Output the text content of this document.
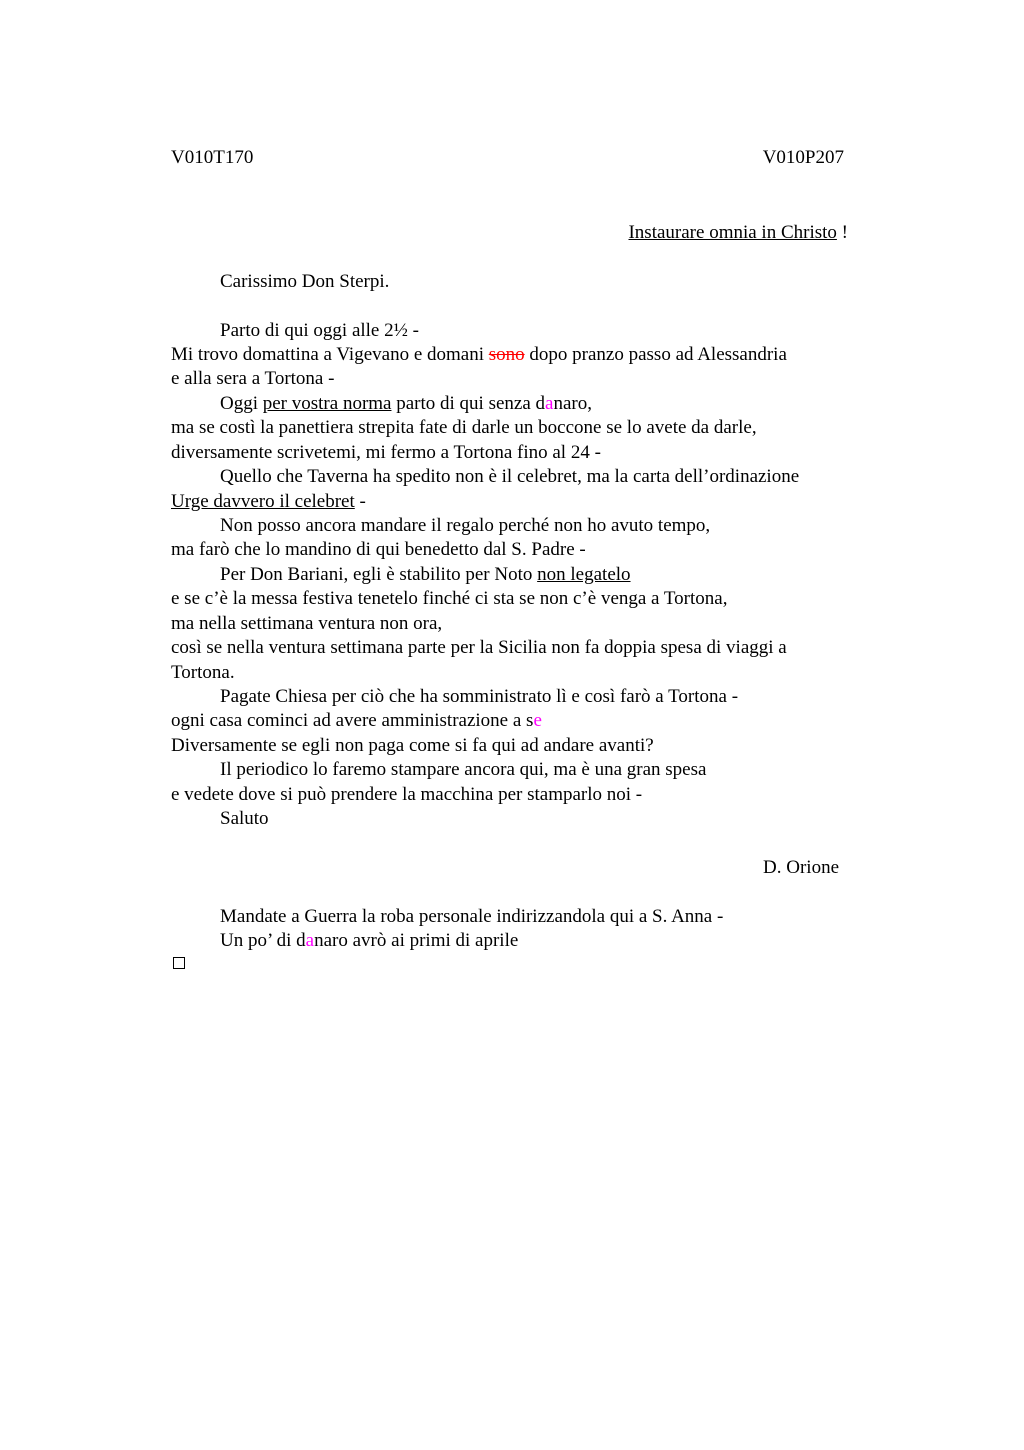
V010T170	V010P207
Instaurare omnia in Christo !
Carissimo Don Sterpi.
Parto di qui oggi alle 2½ -
Mi trovo domattina a Vigevano e domani sono dopo pranzo passo ad Alessandria
e alla sera a Tortona -
Oggi per vostra norma parto di qui senza danaro,
ma se costì la panettiera strepita fate di darle un boccone se lo avete da darle,
diversamente scrivetemi, mi fermo a Tortona fino al 24 -
Quello che Taverna ha spedito non è il celebret, ma la carta dell’ordinazione
Urge davvero il celebret -
Non posso ancora mandare il regalo perché non ho avuto tempo,
ma farò che lo mandino di qui benedetto dal S. Padre -
Per Don Bariani, egli è stabilito per Noto non legatelo
e se c’è la messa festiva tenetelo finché ci sta se non c’è venga a Tortona,
ma nella settimana ventura non ora,
così se nella ventura settimana parte per la Sicilia non fa doppia spesa di viaggi a
Tortona.
Pagate Chiesa per ciò che ha somministrato lì e così farò a Tortona -
ogni casa cominci ad avere amministrazione a se
Diversamente se egli non paga come si fa qui ad andare avanti?
Il periodico lo faremo stampare ancora qui, ma è una gran spesa
e vedete dove si può prendere la macchina per stamparlo noi -
Saluto
D. Orione
Mandate a Guerra la roba personale indirizzandola qui a S. Anna -
Un po’ di danaro avrò ai primi di aprile
